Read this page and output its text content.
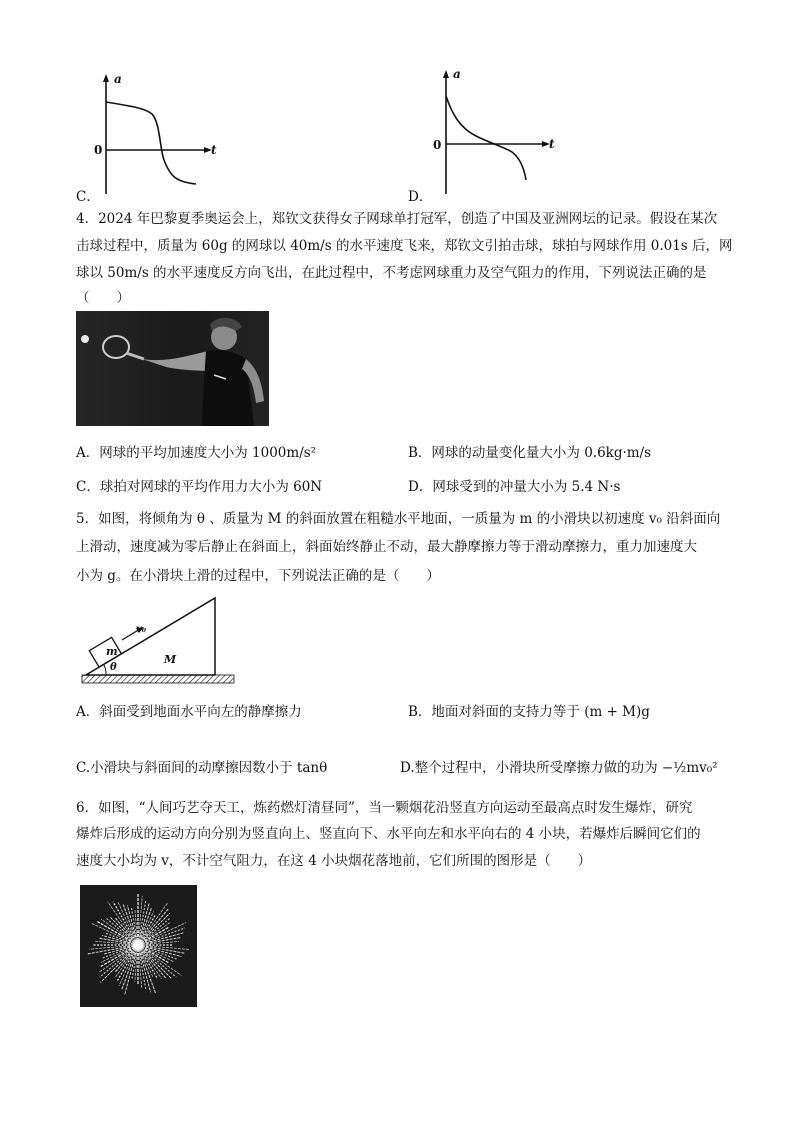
a
t
0
C．
a
t
0
D．
4．2024 年巴黎夏季奥运会上，郑钦文获得女子网球单打冠军，创造了中国及亚洲网坛的记录。假设在某次
击球过程中，质量为 60g 的网球以 40m/s 的水平速度飞来，郑钦文引拍击球，球拍与网球作用 0.01s 后，网
球以 50m/s 的水平速度反方向飞出，在此过程中，不考虑网球重力及空气阻力的作用，下列说法正确的是
（　　）
A．网球的平均加速度大小为 1000m/s²	B．网球的动量变化量大小为 0.6kg·m/s
C．球拍对网球的平均作用力大小为 60N	D．网球受到的冲量大小为 5.4 N·s
5．如图，将倾角为 θ 、质量为 M 的斜面放置在粗糙水平地面，一质量为 m 的小滑块以初速度 v₀ 沿斜面向
上滑动，速度减为零后静止在斜面上，斜面始终静止不动，最大静摩擦力等于滑动摩擦力，重力加速度大
小为 g。在小滑块上滑的过程中，下列说法正确的是（　　）
m
v₀
M
θ
A．斜面受到地面水平向左的静摩擦力	B．地面对斜面的支持力等于 (m + M)g
C.小滑块与斜面间的动摩擦因数小于 tanθ	D.整个过程中，小滑块所受摩擦力做的功为 −½mv₀²
6．如图，“人间巧艺夺天工，炼药燃灯清昼同”，当一颗烟花沿竖直方向运动至最高点时发生爆炸，研究
爆炸后形成的运动方向分别为竖直向上、竖直向下、水平向左和水平向右的 4 小块，若爆炸后瞬间它们的
速度大小均为 v，不计空气阻力，在这 4 小块烟花落地前，它们所围的图形是（　　）
